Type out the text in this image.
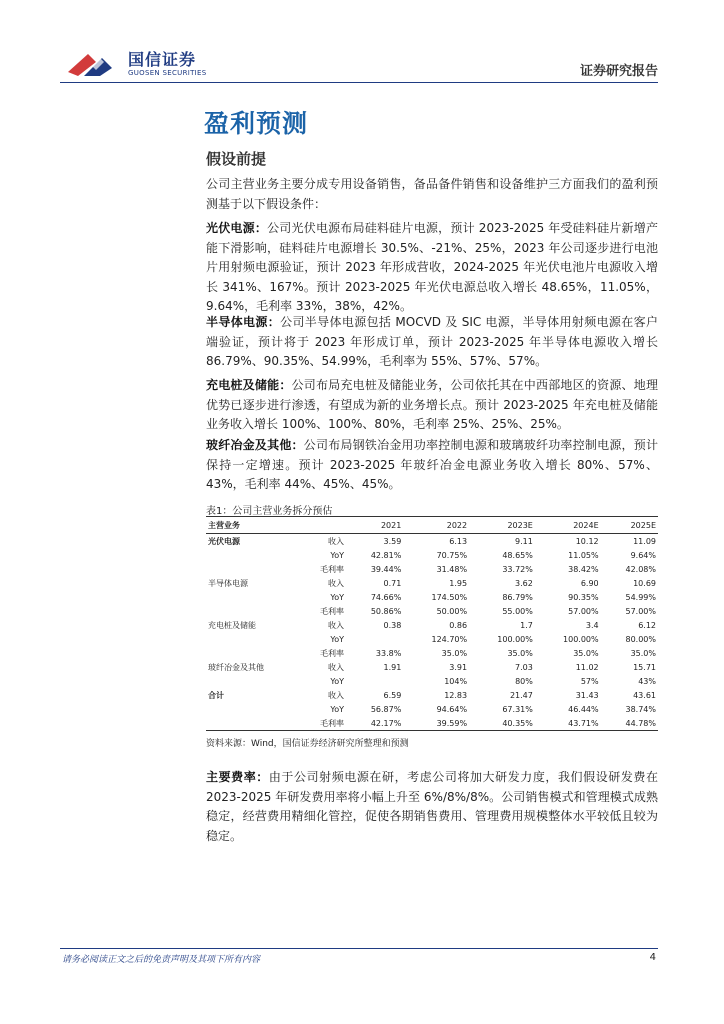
国信证券
GUOSEN SECURITIES	证券研究报告
盈利预测
假设前提
公司主营业务主要分成专用设备销售，备品备件销售和设备维护三方面我们的盈利预测基于以下假设条件：
光伏电源：公司光伏电源布局硅料硅片电源，预计 2023-2025 年受硅料硅片新增产能下滑影响，硅料硅片电源增长 30.5%、-21%、25%，2023 年公司逐步进行电池片用射频电源验证，预计 2023 年形成营收，2024-2025 年光伏电池片电源收入增长 341%、167%。预计 2023-2025 年光伏电源总收入增长 48.65%，11.05%，9.64%，毛利率 33%，38%，42%。
半导体电源：公司半导体电源包括 MOCVD 及 SIC 电源，半导体用射频电源在客户端验证，预计将于 2023 年形成订单，预计 2023-2025 年半导体电源收入增长 86.79%、90.35%、54.99%，毛利率为 55%、57%、57%。
充电桩及储能：公司布局充电桩及储能业务，公司依托其在中西部地区的资源、地理优势已逐步进行渗透，有望成为新的业务增长点。预计 2023-2025 年充电桩及储能业务收入增长 100%、100%、80%，毛利率 25%、25%、25%。
玻纤冶金及其他：公司布局钢铁冶金用功率控制电源和玻璃玻纤功率控制电源，预计保持一定增速。预计 2023-2025 年玻纤冶金电源业务收入增长 80%、57%、43%，毛利率 44%、45%、45%。
表1：公司主营业务拆分预估
主营业务		2021	2022	2023E	2024E	2025E
光伏电源	收入	3.59	6.13	9.11	10.12	11.09
	YoY	42.81%	70.75%	48.65%	11.05%	9.64%
	毛利率	39.44%	31.48%	33.72%	38.42%	42.08%
半导体电源	收入	0.71	1.95	3.62	6.90	10.69
	YoY	74.66%	174.50%	86.79%	90.35%	54.99%
	毛利率	50.86%	50.00%	55.00%	57.00%	57.00%
充电桩及储能	收入	0.38	0.86	1.7	3.4	6.12
	YoY		124.70%	100.00%	100.00%	80.00%
	毛利率	33.8%	35.0%	35.0%	35.0%	35.0%
玻纤冶金及其他	收入	1.91	3.91	7.03	11.02	15.71
	YoY		104%	80%	57%	43%
合计	收入	6.59	12.83	21.47	31.43	43.61
	YoY	56.87%	94.64%	67.31%	46.44%	38.74%
	毛利率	42.17%	39.59%	40.35%	43.71%	44.78%
资料来源：Wind，国信证券经济研究所整理和预测
主要费率：由于公司射频电源在研，考虑公司将加大研发力度，我们假设研发费在 2023-2025 年研发费用率将小幅上升至 6%/8%/8%。公司销售模式和管理模式成熟稳定，经营费用精细化管控，促使各期销售费用、管理费用规模整体水平较低且较为稳定。
请务必阅读正文之后的免责声明及其项下所有内容	4
